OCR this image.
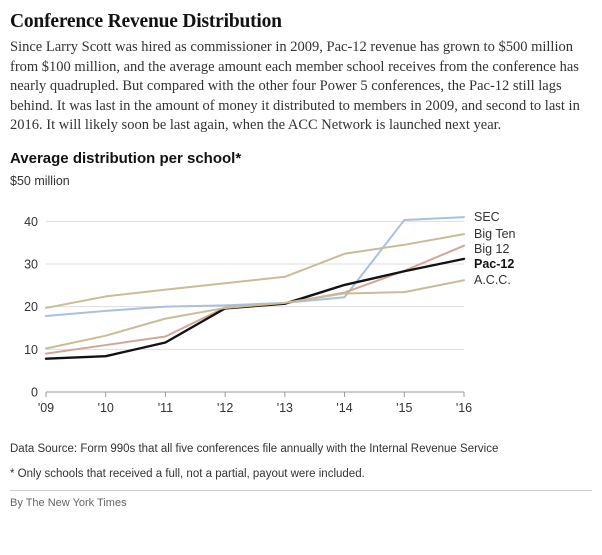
Conference Revenue Distribution

Since Larry Scott was hired as commissioner in 2009, Pac-12 revenue has grown to $500 million from $100 million, and the average amount each member school receives from the conference has nearly quadrupled. But compared with the other four Power 5 conferences, the Pac-12 still lags behind. It was last in the amount of money it distributed to members in 2009, and second to last in 2016. It will likely soon be last again, when the ACC Network is launched next year.

Average distribution per school*
$50 million
0
10
20
30
40
'09	'10	'11	'12	'13	'14	'15	'16
SEC
Big Ten
Big 12
Pac-12
A.C.C.

Data Source: Form 990s that all five conferences file annually with the Internal Revenue Service

* Only schools that received a full, not a partial, payout were included.

By The New York Times
